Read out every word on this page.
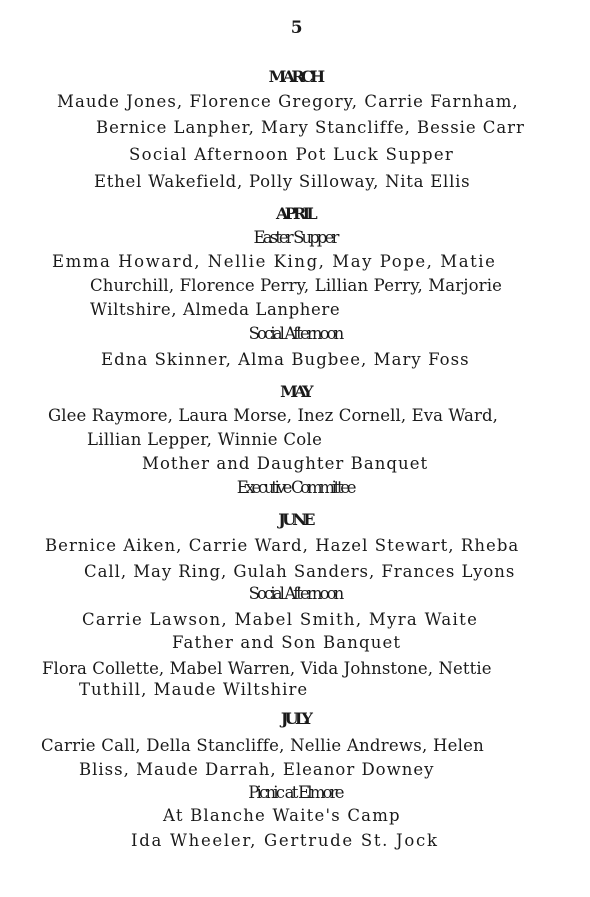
5
MARCH
Maude Jones, Florence Gregory, Carrie Farnham,
Bernice Lanpher, Mary Stancliffe, Bessie Carr
Social Afternoon Pot Luck Supper
Ethel Wakefield, Polly Silloway, Nita Ellis
APRIL
Easter Supper
Emma Howard, Nellie King, May Pope, Matie
Churchill, Florence Perry, Lillian Perry, Marjorie
Wiltshire, Almeda Lanphere
Social Afternoon
Edna Skinner, Alma Bugbee, Mary Foss
MAY
Glee Raymore, Laura Morse, Inez Cornell, Eva Ward,
Lillian Lepper, Winnie Cole
Mother and Daughter Banquet
Executive Committee
JUNE
Bernice Aiken, Carrie Ward, Hazel Stewart, Rheba
Call, May Ring, Gulah Sanders, Frances Lyons
Social Afternoon
Carrie Lawson, Mabel Smith, Myra Waite
Father and Son Banquet
Flora Collette, Mabel Warren, Vida Johnstone, Nettie
Tuthill, Maude Wiltshire
JULY
Carrie Call, Della Stancliffe, Nellie Andrews, Helen
Bliss, Maude Darrah, Eleanor Downey
Picnic at Elmore
At Blanche Waite's Camp
Ida Wheeler, Gertrude St. Jock
